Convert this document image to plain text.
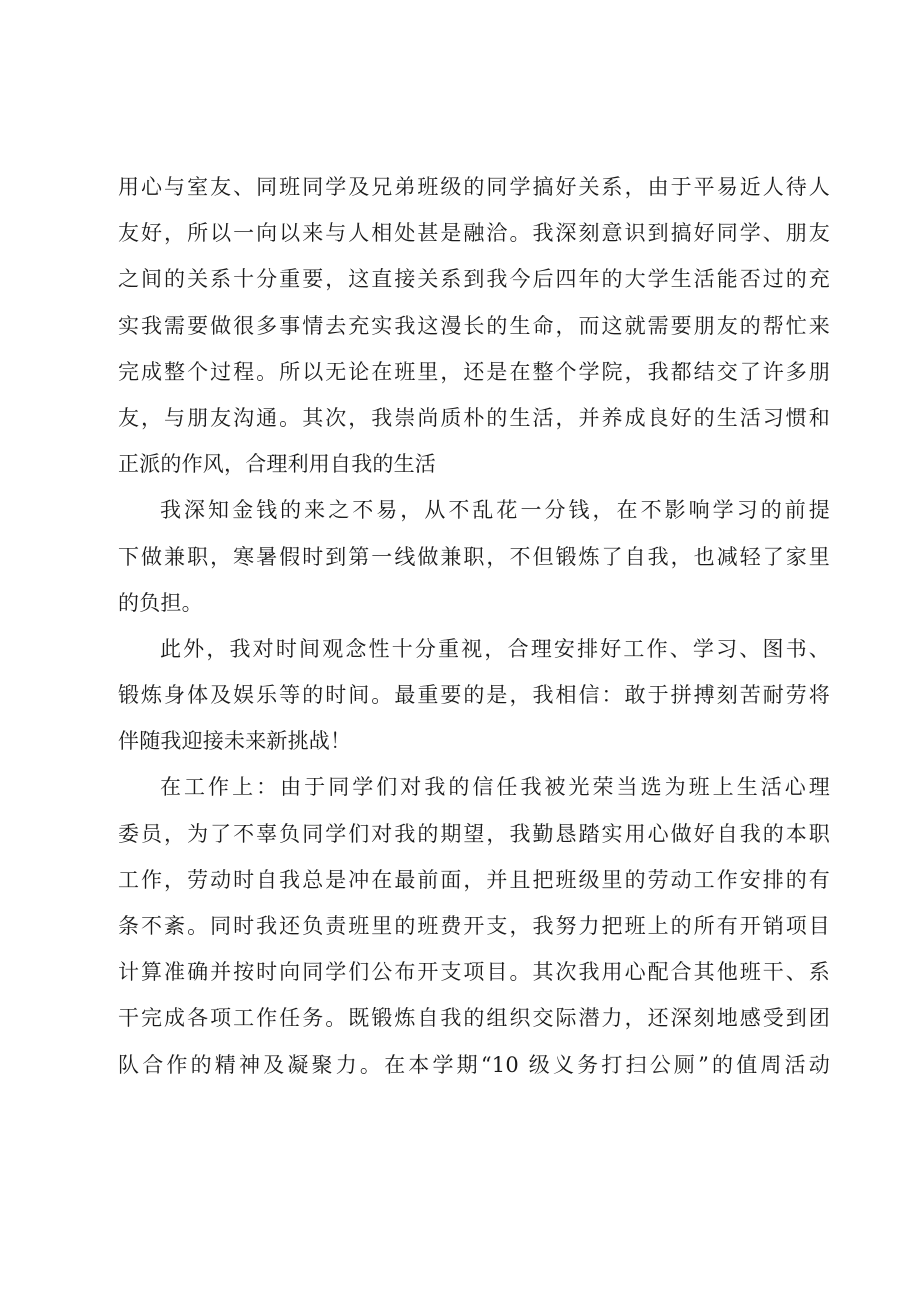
用心与室友、同班同学及兄弟班级的同学搞好关系，由于平易近人待人
友好，所以一向以来与人相处甚是融洽。我深刻意识到搞好同学、朋友
之间的关系十分重要，这直接关系到我今后四年的大学生活能否过的充
实我需要做很多事情去充实我这漫长的生命，而这就需要朋友的帮忙来
完成整个过程。所以无论在班里，还是在整个学院，我都结交了许多朋
友，与朋友沟通。其次，我崇尚质朴的生活，并养成良好的生活习惯和
正派的作风，合理利用自我的生活
我深知金钱的来之不易，从不乱花一分钱，在不影响学习的前提
下做兼职，寒暑假时到第一线做兼职，不但锻炼了自我，也减轻了家里
的负担。
此外，我对时间观念性十分重视，合理安排好工作、学习、图书、
锻炼身体及娱乐等的时间。最重要的是，我相信：敢于拼搏刻苦耐劳将
伴随我迎接未来新挑战！
在工作上：由于同学们对我的信任我被光荣当选为班上生活心理
委员，为了不辜负同学们对我的期望，我勤恳踏实用心做好自我的本职
工作，劳动时自我总是冲在最前面，并且把班级里的劳动工作安排的有
条不紊。同时我还负责班里的班费开支，我努力把班上的所有开销项目
计算准确并按时向同学们公布开支项目。其次我用心配合其他班干、系
干完成各项工作任务。既锻炼自我的组织交际潜力，还深刻地感受到团
队合作的精神及凝聚力。在本学期“10 级义务打扫公厕”的值周活动
